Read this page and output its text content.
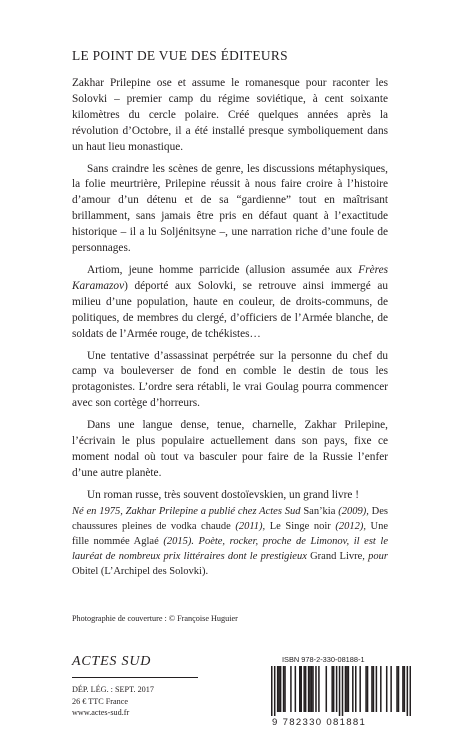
LE POINT DE VUE DES ÉDITEURS

Zakhar Prilepine ose et assume le romanesque pour raconter les Solovki – premier camp du régime soviétique, à cent soixante kilomètres du cercle polaire. Créé quelques années après la révolution d’Octobre, il a été installé presque symboliquement dans un haut lieu monastique.

Sans craindre les scènes de genre, les discussions métaphysiques, la folie meurtrière, Prilepine réussit à nous faire croire à l’histoire d’amour d’un détenu et de sa “gardienne” tout en maîtrisant brillamment, sans jamais être pris en défaut quant à l’exactitude historique – il a lu Soljénitsyne –, une narration riche d’une foule de personnages.

Artiom, jeune homme parricide (allusion assumée aux Frères Karamazov) déporté aux Solovki, se retrouve ainsi immergé au milieu d’une population, haute en couleur, de droits-communs, de politiques, de membres du clergé, d’officiers de l’Armée blanche, de soldats de l’Armée rouge, de tchékistes…

Une tentative d’assassinat perpétrée sur la personne du chef du camp va bouleverser de fond en comble le destin de tous les protagonistes. L’ordre sera rétabli, le vrai Goulag pourra commencer avec son cortège d’horreurs.

Dans une langue dense, tenue, charnelle, Zakhar Prilepine, l’écrivain le plus populaire actuellement dans son pays, fixe ce moment nodal où tout va basculer pour faire de la Russie l’enfer d’une autre planète.

Un roman russe, très souvent dostoïevskien, un grand livre !

Né en 1975, Zakhar Prilepine a publié chez Actes Sud San’kia (2009), Des chaussures pleines de vodka chaude (2011), Le Singe noir (2012), Une fille nommée Aglaé (2015). Poète, rocker, proche de Limonov, il est le lauréat de nombreux prix littéraires dont le prestigieux Grand Livre, pour Obitel (L’Archipel des Solovki).
Photographie de couverture : © Françoise Huguier
ACTES SUD
DÉP. LÉG. : SEPT. 2017
26 € TTC France
www.actes-sud.fr
ISBN 978-2-330-08188-1
9 782330 081881
